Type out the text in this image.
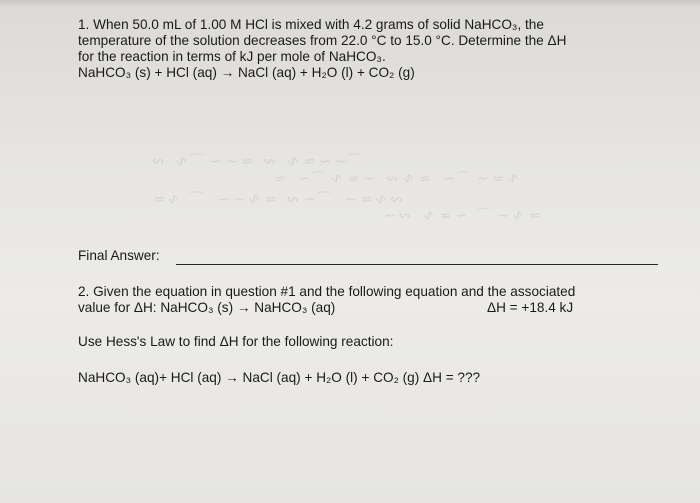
⌒∽∼≈∿ ∾ ≈∽∼⌒∿ ∾
∿≈∽⌒∼ ≈∿∾ ∽≈∿⌒∼ ≈
∾∿≈∽ ⌒∼∾ ≈∿∽∼ ⌒ ∿≈
≈∿∽⌒ ∼≈∿ ∾∽
1. When 50.0 mL of 1.00 M HCl is mixed with 4.2 grams of solid NaHCO₃, the
temperature of the solution decreases from 22.0 °C to 15.0 °C. Determine the ΔH
for the reaction in terms of kJ per mole of NaHCO₃.
NaHCO₃ (s) + HCl (aq) → NaCl (aq) + H₂O (l) + CO₂ (g)
Final Answer:
2. Given the equation in question #1 and the following equation and the associated
value for ΔH: NaHCO₃ (s) → NaHCO₃ (aq)	ΔH = +18.4 kJ
Use Hess's Law to find ΔH for the following reaction:
NaHCO₃ (aq)+ HCl (aq) → NaCl (aq) + H₂O (l) + CO₂ (g) ΔH = ???
